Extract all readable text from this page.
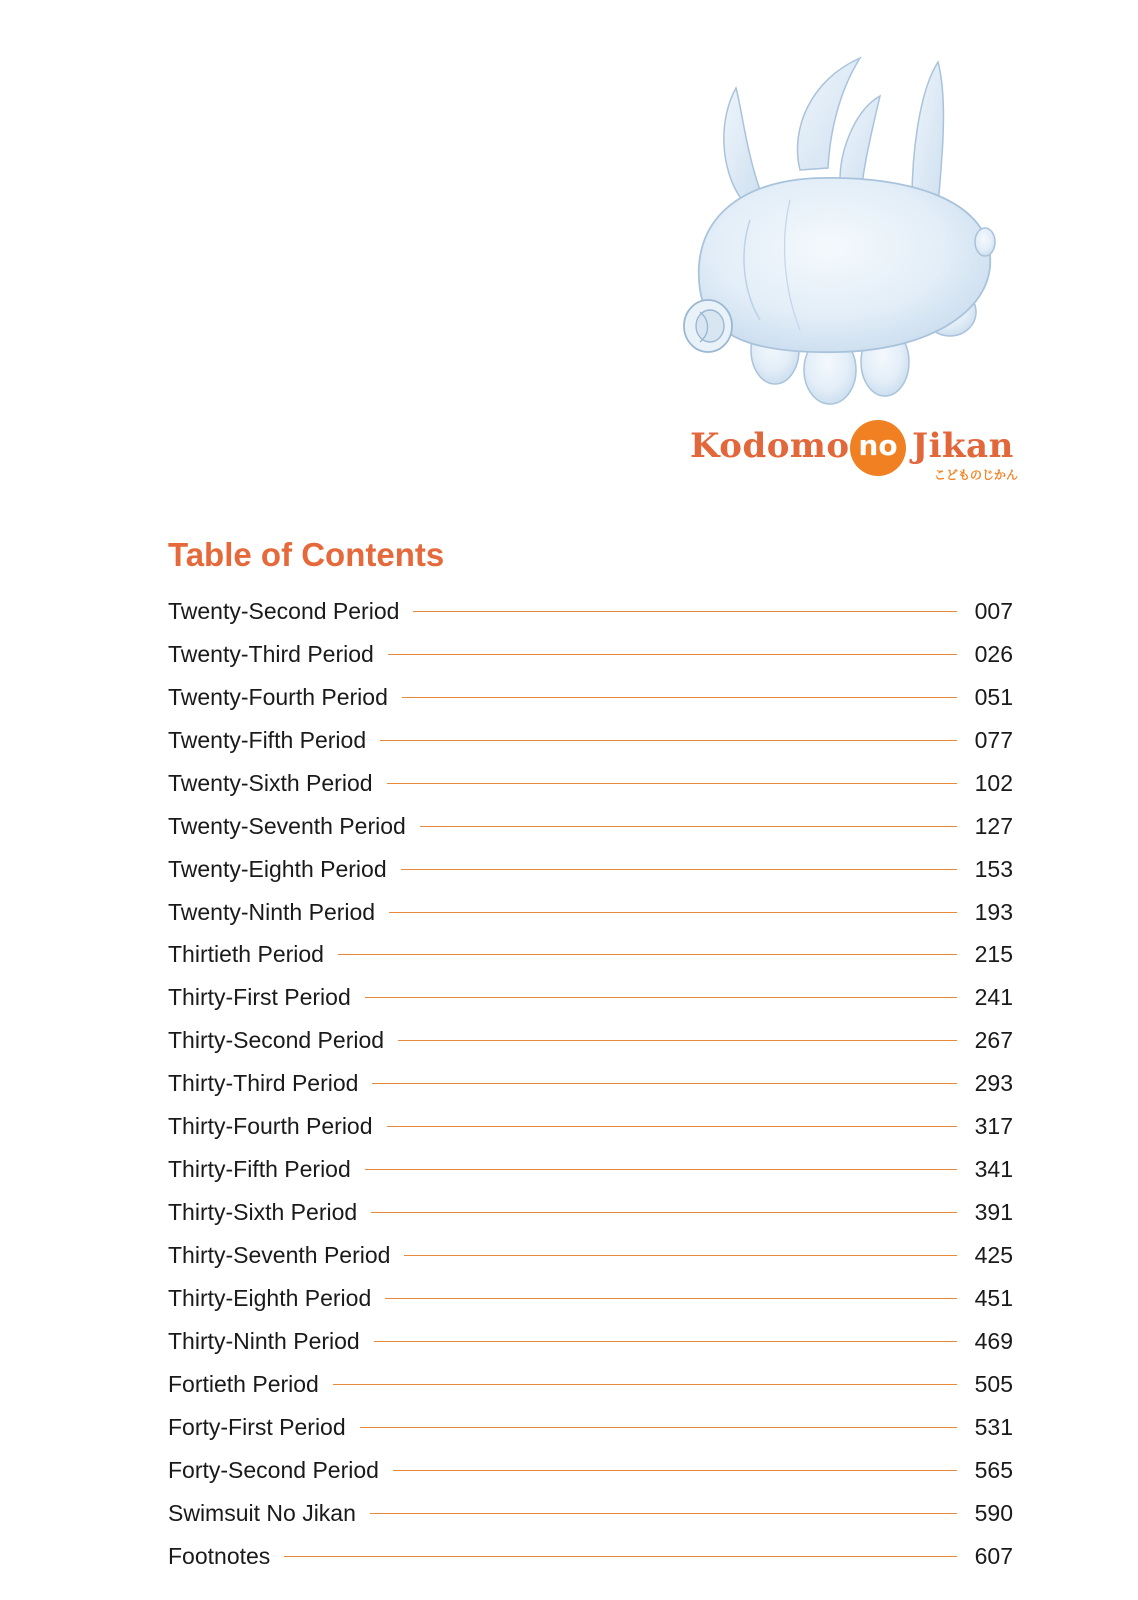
Kodomo no Jikan
こどものじかん
Table of Contents
Twenty-Second Period	007
Twenty-Third Period	026
Twenty-Fourth Period	051
Twenty-Fifth Period	077
Twenty-Sixth Period	102
Twenty-Seventh Period	127
Twenty-Eighth Period	153
Twenty-Ninth Period	193
Thirtieth Period	215
Thirty-First Period	241
Thirty-Second Period	267
Thirty-Third Period	293
Thirty-Fourth Period	317
Thirty-Fifth Period	341
Thirty-Sixth Period	391
Thirty-Seventh Period	425
Thirty-Eighth Period	451
Thirty-Ninth Period	469
Fortieth Period	505
Forty-First Period	531
Forty-Second Period	565
Swimsuit No Jikan	590
Footnotes	607
